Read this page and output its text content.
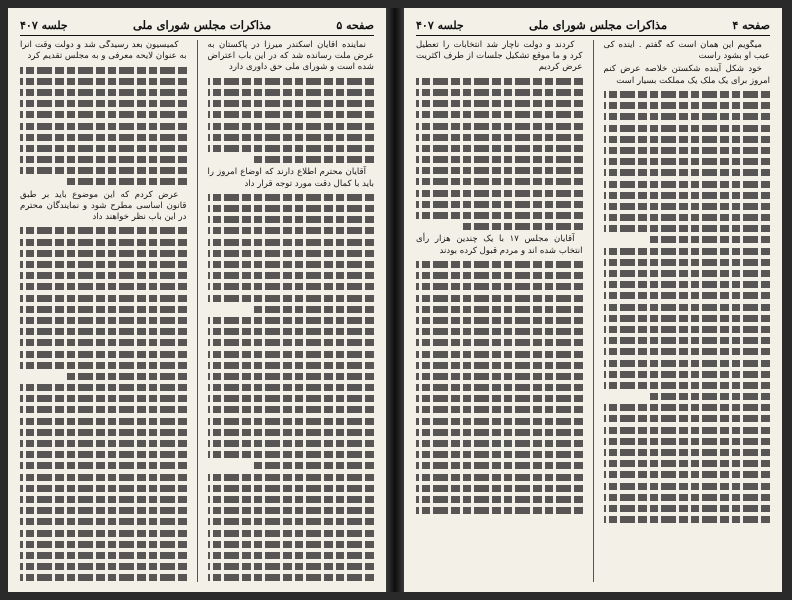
صفحه ۵
مذاکرات مجلس شورای ملی
جلسه ۴۰۷

نماینده آقایان اسکندر میرزا در پاکستان به عرض ملت رسانده شد که در این باب اعتراض شده است و شورای ملی حق داوری دارد

آقایان محترم اطلاع دارند که اوضاع امروز را باید با کمال دقت مورد توجه قرار داد

کمیسیون بعد رسیدگی شد و دولت وقت آنرا به عنوان لایحه معرفی و به مجلس تقدیم کرد

عرض کردم که این موضوع باید بر طبق قانون اساسی مطرح شود و نمایندگان محترم در این باب نظر خواهند داد

صفحه ۴
مذاکرات مجلس شورای ملی
جلسه ۴۰۷

میگویم این همان است که گفتم . آینده کی عیب او بشود راست

خود شکل آینده شکستن خلاصه عرض کنم امروز برای یک ملک یک مملکت بسیار است

کردند و دولت ناچار شد انتخابات را تعطیل کرد و ما موقع تشکیل جلسات از طرف اکثریت عرض کردیم

آقایان مجلس ۱۷ با یک چندین هزار رأی انتخاب شده اند و مردم قبول کرده بودند
